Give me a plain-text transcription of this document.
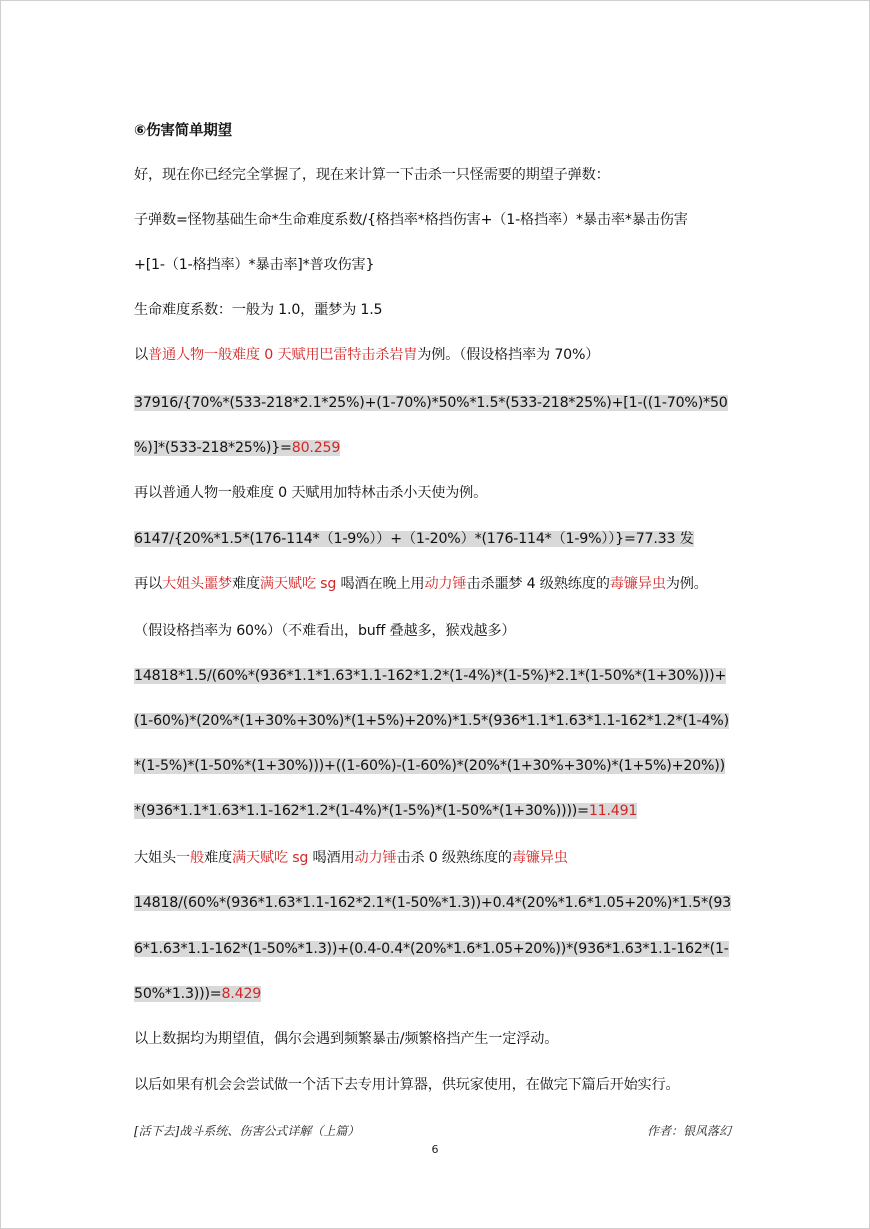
⑥伤害简单期望
好，现在你已经完全掌握了，现在来计算一下击杀一只怪需要的期望子弹数：
子弹数=怪物基础生命*生命难度系数/{格挡率*格挡伤害+（1-格挡率）*暴击率*暴击伤害
+[1-（1-格挡率）*暴击率]*普攻伤害}
生命难度系数：一般为 1.0，噩梦为 1.5
以普通人物一般难度 0 天赋用巴雷特击杀岩胄为例。（假设格挡率为 70%）
37916/{70%*(533-218*2.1*25%)+(1-70%)*50%*1.5*(533-218*25%)+[1-((1-70%)*50
%)]*(533-218*25%)}=80.259
再以普通人物一般难度 0 天赋用加特林击杀小天使为例。
6147/{20%*1.5*(176-114*（1-9%））+（1-20%）*(176-114*（1-9%））}=77.33 发
再以大姐头噩梦难度满天赋吃 sg 喝酒在晚上用动力锤击杀噩梦 4 级熟练度的毒镰异虫为例。
（假设格挡率为 60%）（不难看出，buff 叠越多，猴戏越多）
14818*1.5/(60%*(936*1.1*1.63*1.1-162*1.2*(1-4%)*(1-5%)*2.1*(1-50%*(1+30%)))+
(1-60%)*(20%*(1+30%+30%)*(1+5%)+20%)*1.5*(936*1.1*1.63*1.1-162*1.2*(1-4%)
*(1-5%)*(1-50%*(1+30%)))+((1-60%)-(1-60%)*(20%*(1+30%+30%)*(1+5%)+20%))
*(936*1.1*1.63*1.1-162*1.2*(1-4%)*(1-5%)*(1-50%*(1+30%))))=11.491
大姐头一般难度满天赋吃 sg 喝酒用动力锤击杀 0 级熟练度的毒镰异虫
14818/(60%*(936*1.63*1.1-162*2.1*(1-50%*1.3))+0.4*(20%*1.6*1.05+20%)*1.5*(93
6*1.63*1.1-162*(1-50%*1.3))+(0.4-0.4*(20%*1.6*1.05+20%))*(936*1.63*1.1-162*(1-
50%*1.3)))=8.429
以上数据均为期望值，偶尔会遇到频繁暴击/频繁格挡产生一定浮动。
以后如果有机会会尝试做一个活下去专用计算器，供玩家使用，在做完下篇后开始实行。
[活下去]战斗系统、伤害公式详解（上篇）	作者：银风落幻
6
